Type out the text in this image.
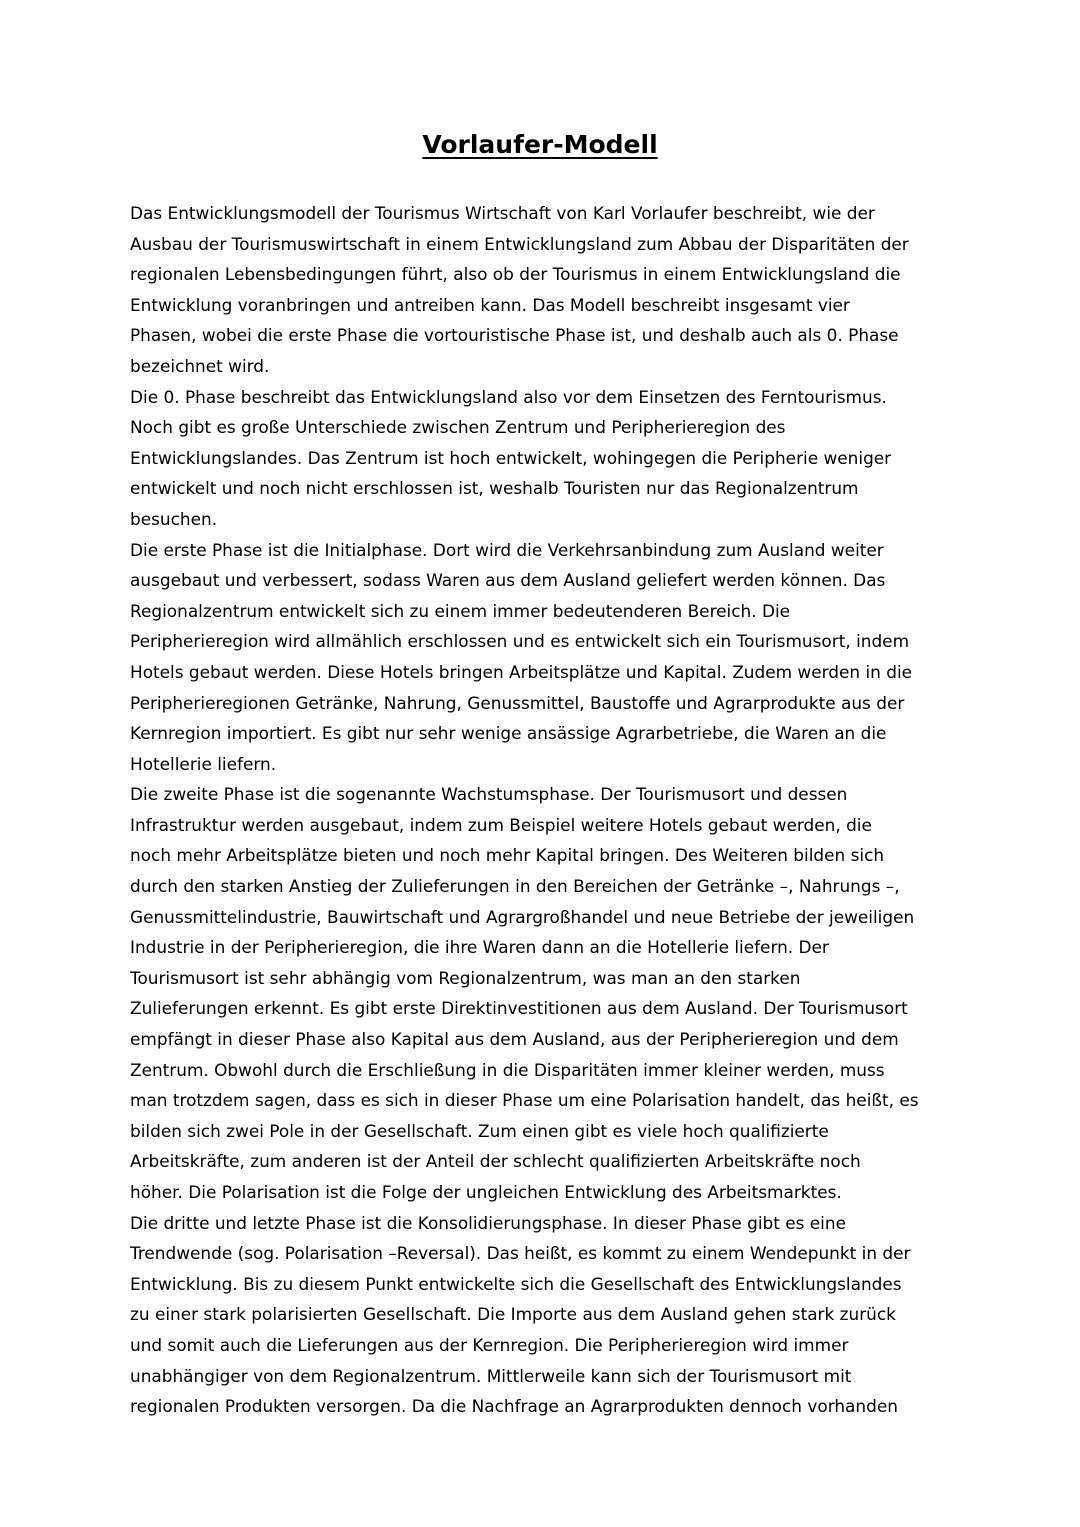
Vorlaufer-Modell
Das Entwicklungsmodell der Tourismus Wirtschaft von Karl Vorlaufer beschreibt, wie der
Ausbau der Tourismuswirtschaft in einem Entwicklungsland zum Abbau der Disparitäten der
regionalen Lebensbedingungen führt, also ob der Tourismus in einem Entwicklungsland die
Entwicklung voranbringen und antreiben kann. Das Modell beschreibt insgesamt vier
Phasen, wobei die erste Phase die vortouristische Phase ist, und deshalb auch als 0. Phase
bezeichnet wird.
Die 0. Phase beschreibt das Entwicklungsland also vor dem Einsetzen des Ferntourismus.
Noch gibt es große Unterschiede zwischen Zentrum und Peripherieregion des
Entwicklungslandes. Das Zentrum ist hoch entwickelt, wohingegen die Peripherie weniger
entwickelt und noch nicht erschlossen ist, weshalb Touristen nur das Regionalzentrum
besuchen.
Die erste Phase ist die Initialphase. Dort wird die Verkehrsanbindung zum Ausland weiter
ausgebaut und verbessert, sodass Waren aus dem Ausland geliefert werden können. Das
Regionalzentrum entwickelt sich zu einem immer bedeutenderen Bereich. Die
Peripherieregion wird allmählich erschlossen und es entwickelt sich ein Tourismusort, indem
Hotels gebaut werden. Diese Hotels bringen Arbeitsplätze und Kapital. Zudem werden in die
Peripherieregionen Getränke, Nahrung, Genussmittel, Baustoffe und Agrarprodukte aus der
Kernregion importiert. Es gibt nur sehr wenige ansässige Agrarbetriebe, die Waren an die
Hotellerie liefern.
Die zweite Phase ist die sogenannte Wachstumsphase. Der Tourismusort und dessen
Infrastruktur werden ausgebaut, indem zum Beispiel weitere Hotels gebaut werden, die
noch mehr Arbeitsplätze bieten und noch mehr Kapital bringen. Des Weiteren bilden sich
durch den starken Anstieg der Zulieferungen in den Bereichen der Getränke –, Nahrungs –,
Genussmittelindustrie, Bauwirtschaft und Agrargroßhandel und neue Betriebe der jeweiligen
Industrie in der Peripherieregion, die ihre Waren dann an die Hotellerie liefern. Der
Tourismusort ist sehr abhängig vom Regionalzentrum, was man an den starken
Zulieferungen erkennt. Es gibt erste Direktinvestitionen aus dem Ausland. Der Tourismusort
empfängt in dieser Phase also Kapital aus dem Ausland, aus der Peripherieregion und dem
Zentrum. Obwohl durch die Erschließung in die Disparitäten immer kleiner werden, muss
man trotzdem sagen, dass es sich in dieser Phase um eine Polarisation handelt, das heißt, es
bilden sich zwei Pole in der Gesellschaft. Zum einen gibt es viele hoch qualifizierte
Arbeitskräfte, zum anderen ist der Anteil der schlecht qualifizierten Arbeitskräfte noch
höher. Die Polarisation ist die Folge der ungleichen Entwicklung des Arbeitsmarktes.
Die dritte und letzte Phase ist die Konsolidierungsphase. In dieser Phase gibt es eine
Trendwende (sog. Polarisation –Reversal). Das heißt, es kommt zu einem Wendepunkt in der
Entwicklung. Bis zu diesem Punkt entwickelte sich die Gesellschaft des Entwicklungslandes
zu einer stark polarisierten Gesellschaft. Die Importe aus dem Ausland gehen stark zurück
und somit auch die Lieferungen aus der Kernregion. Die Peripherieregion wird immer
unabhängiger von dem Regionalzentrum. Mittlerweile kann sich der Tourismusort mit
regionalen Produkten versorgen. Da die Nachfrage an Agrarprodukten dennoch vorhanden
